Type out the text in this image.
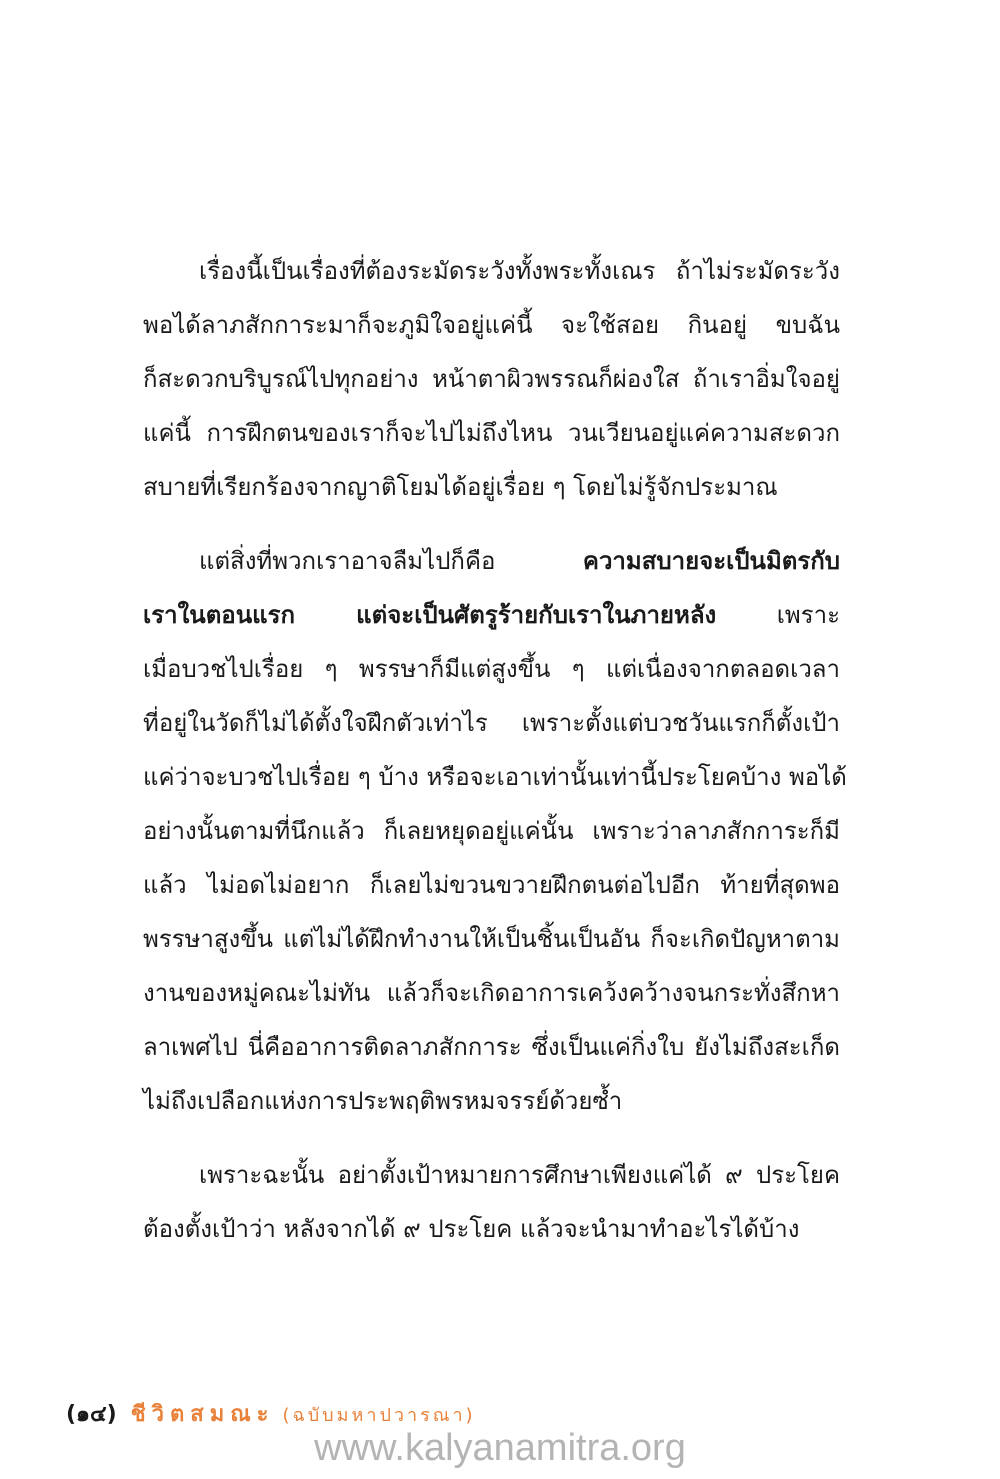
เรื่องนี้เป็นเรื่องที่ต้องระมัดระวังทั้งพระทั้งเณร ถ้าไม่ระมัดระวัง
พอได้ลาภสักการะมาก็จะภูมิใจอยู่แค่นี้ จะใช้สอย กินอยู่ ขบฉัน
ก็สะดวกบริบูรณ์ไปทุกอย่าง หน้าตาผิวพรรณก็ผ่องใส ถ้าเราอิ่มใจอยู่
แค่นี้ การฝึกตนของเราก็จะไปไม่ถึงไหน วนเวียนอยู่แค่ความสะดวก
สบายที่เรียกร้องจากญาติโยมได้อยู่เรื่อย ๆ โดยไม่รู้จักประมาณ
แต่สิ่งที่พวกเราอาจลืมไปก็คือ ความสบายจะเป็นมิตรกับ
เราในตอนแรก แต่จะเป็นศัตรูร้ายกับเราในภายหลัง เพราะ
เมื่อบวชไปเรื่อย ๆ พรรษาก็มีแต่สูงขึ้น ๆ แต่เนื่องจากตลอดเวลา
ที่อยู่ในวัดก็ไม่ได้ตั้งใจฝึกตัวเท่าไร เพราะตั้งแต่บวชวันแรกก็ตั้งเป้า
แค่ว่าจะบวชไปเรื่อย ๆ บ้าง หรือจะเอาเท่านั้นเท่านี้ประโยคบ้าง พอได้
อย่างนั้นตามที่นึกแล้ว ก็เลยหยุดอยู่แค่นั้น เพราะว่าลาภสักการะก็มี
แล้ว ไม่อดไม่อยาก ก็เลยไม่ขวนขวายฝึกตนต่อไปอีก ท้ายที่สุดพอ
พรรษาสูงขึ้น แต่ไม่ได้ฝึกทำงานให้เป็นชิ้นเป็นอัน ก็จะเกิดปัญหาตาม
งานของหมู่คณะไม่ทัน แล้วก็จะเกิดอาการเคว้งคว้างจนกระทั่งสึกหา
ลาเพศไป นี่คืออาการติดลาภสักการะ ซึ่งเป็นแค่กิ่งใบ ยังไม่ถึงสะเก็ด
ไม่ถึงเปลือกแห่งการประพฤติพรหมจรรย์ด้วยซ้ำ
เพราะฉะนั้น อย่าตั้งเป้าหมายการศึกษาเพียงแค่ได้ ๙ ประโยค
ต้องตั้งเป้าว่า หลังจากได้ ๙ ประโยค แล้วจะนำมาทำอะไรได้บ้าง
(๑๔) ชีวิตสมณะ (ฉบับมหาปวารณา)
www.kalyanamitra.org
